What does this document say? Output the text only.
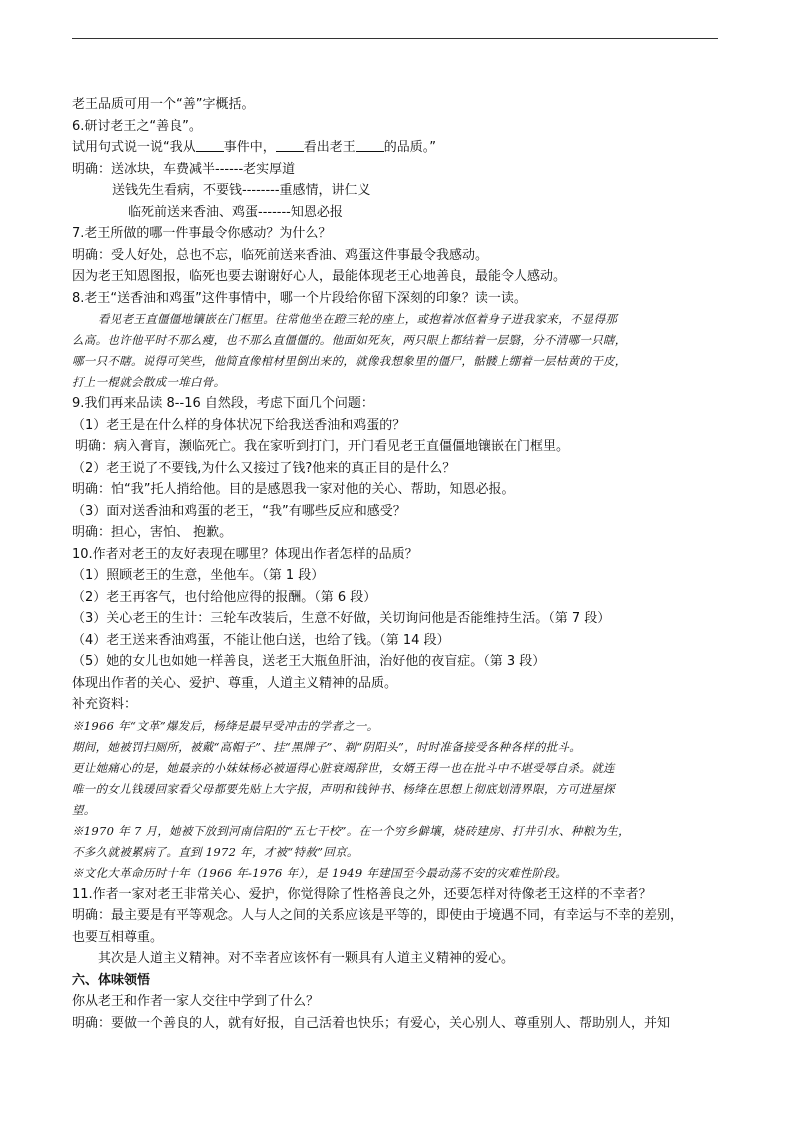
老王品质可用一个“善”字概括。
6.研讨老王之“善良”。
试用句式说一说“我从 事件中， 看出老王 的品质。”
明确：送冰块，车费减半------老实厚道
送钱先生看病，不要钱--------重感情，讲仁义
临死前送来香油、鸡蛋-------知恩必报
7.老王所做的哪一件事最令你感动？为什么？
明确：受人好处，总也不忘，临死前送来香油、鸡蛋这件事最令我感动。
因为老王知恩图报，临死也要去谢谢好心人，最能体现老王心地善良，最能令人感动。
8.老王“送香油和鸡蛋”这件事情中，哪一个片段给你留下深刻的印象？读一读。
看见老王直僵僵地镶嵌在门框里。往常他坐在蹬三轮的座上，或抱着冰伛着身子进我家来，不显得那
么高。也许他平时不那么瘦，也不那么直僵僵的。他面如死灰，两只眼上都结着一层翳，分不清哪一只瞎，
哪一只不瞎。说得可笑些，他简直像棺材里倒出来的，就像我想象里的僵尸，骷髅上绷着一层枯黄的干皮，
打上一棍就会散成一堆白骨。
9.我们再来品读 8--16 自然段，考虑下面几个问题：
（1）老王是在什么样的身体状况下给我送香油和鸡蛋的？
明确：病入膏肓，濒临死亡。我在家听到打门，开门看见老王直僵僵地镶嵌在门框里。
（2）老王说了不要钱,为什么又接过了钱?他来的真正目的是什么？
明确：怕“我”托人捎给他。目的是感恩我一家对他的关心、帮助，知恩必报。
（3）面对送香油和鸡蛋的老王，“我”有哪些反应和感受？
明确：担心，害怕、 抱歉。
10.作者对老王的友好表现在哪里？体现出作者怎样的品质？
（1）照顾老王的生意，坐他车。（第 1 段）
（2）老王再客气，也付给他应得的报酬。（第 6 段）
（3）关心老王的生计：三轮车改装后，生意不好做，关切询问他是否能维持生活。（第 7 段）
（4）老王送来香油鸡蛋，不能让他白送，也给了钱。（第 14 段）
（5）她的女儿也如她一样善良，送老王大瓶鱼肝油，治好他的夜盲症。（第 3 段）
体现出作者的关心、爱护、尊重，人道主义精神的品质。
补充资料：
※1966 年“文革”爆发后，杨绛是最早受冲击的学者之一。
期间，她被罚扫厕所，被戴“高帽子”、挂“黑牌子”、剃“阴阳头”，时时准备接受各种各样的批斗。
更让她痛心的是，她最亲的小妹妹杨必被逼得心脏衰竭辞世，女婿王得一也在批斗中不堪受辱自杀。就连
唯一的女儿钱瑗回家看父母都要先贴上大字报，声明和钱钟书、杨绛在思想上彻底划清界限，方可进屋探
望。
※1970 年 7 月，她被下放到河南信阳的“五七干校”。在一个穷乡僻壤，烧砖建房、打井引水、种粮为生，
不多久就被累病了。直到 1972 年，才被“特赦”回京。
※文化大革命历时十年（1966 年-1976 年），是 1949 年建国至今最动荡不安的灾难性阶段。
11.作者一家对老王非常关心、爱护，你觉得除了性格善良之外，还要怎样对待像老王这样的不幸者？
明确：最主要是有平等观念。人与人之间的关系应该是平等的，即使由于境遇不同，有幸运与不幸的差别，
也要互相尊重。
其次是人道主义精神。对不幸者应该怀有一颗具有人道主义精神的爱心。
六、体味领悟
你从老王和作者一家人交往中学到了什么？
明确：要做一个善良的人，就有好报，自己活着也快乐；有爱心，关心别人、尊重别人、帮助别人，并知
